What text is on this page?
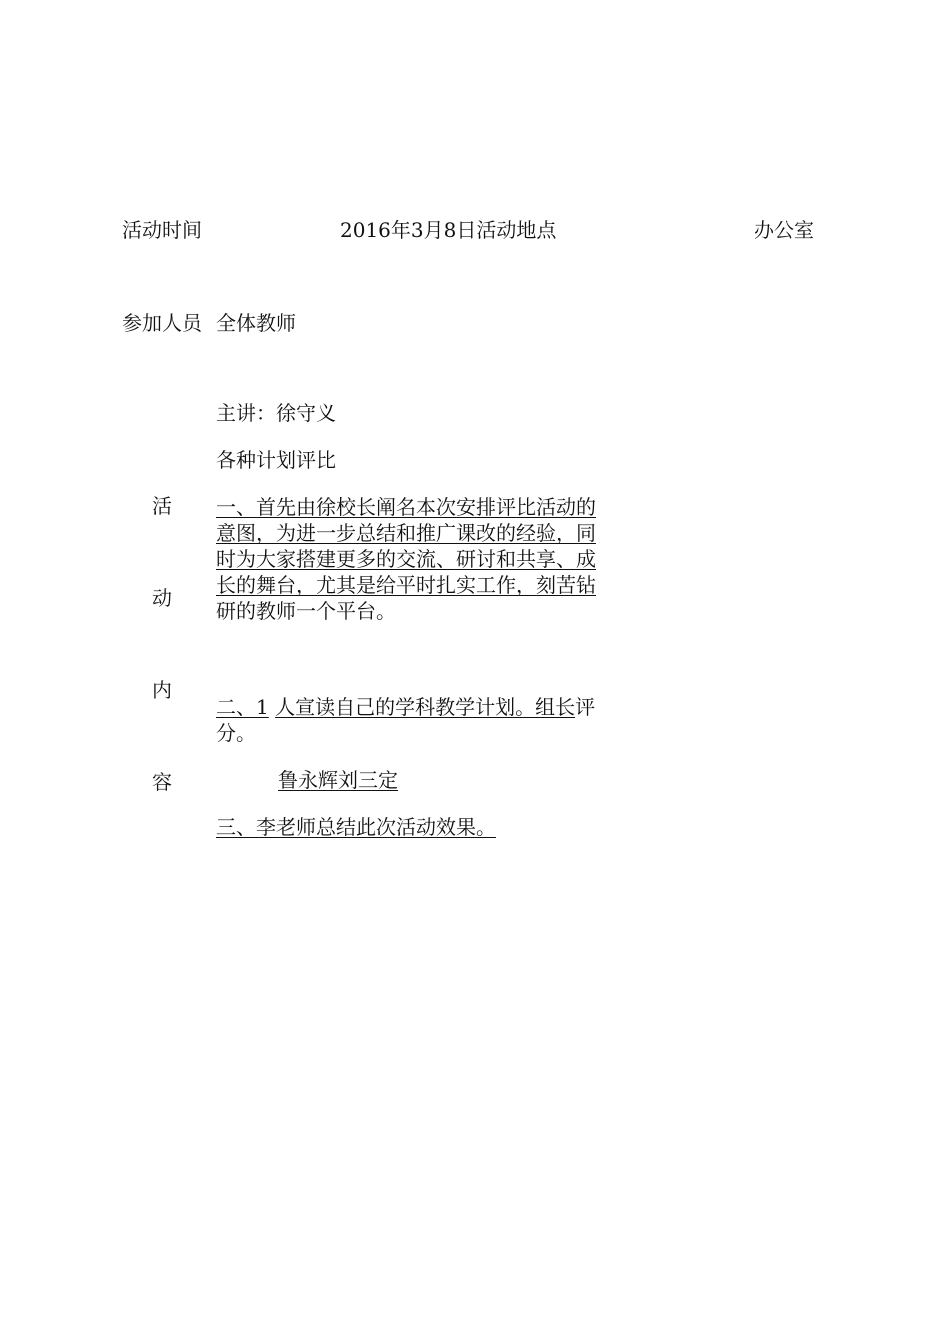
活动时间	2016年3月8日活动地点	办公室
参加人员 全体教师
活
动
内
容
主讲：徐守义
各种计划评比
一、首先由徐校长阐名本次安排评比活动的
意图，为进一步总结和推广课改的经验，同
时为大家搭建更多的交流、研讨和共享、成
长的舞台，尤其是给平时扎实工作，刻苦钻
研的教师一个平台。
二、1 人宣读自己的学科教学计划。组长评
分。
鲁永辉刘三定
三、李老师总结此次活动效果。
